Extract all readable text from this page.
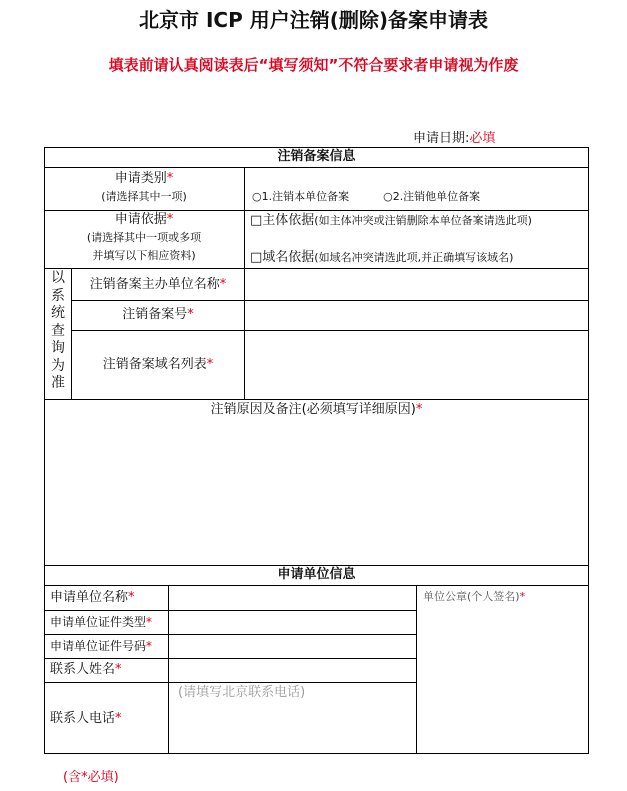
北京市 ICP 用户注销(删除)备案申请表
填表前请认真阅读表后“填写须知”不符合要求者申请视为作废
申请日期:必填
注销备案信息
申请类别*
(请选择其中一项)	○1.注销本单位备案	○2.注销他单位备案
申请依据*
(请选择其中一项或多项
并填写以下相应资料)
□主体依据(如主体冲突或注销删除本单位备案请选此项)
□域名依据(如域名冲突请选此项,并正确填写该域名)
以
系
统
查
询
为
准
注销备案主办单位名称*
注销备案号*
注销备案域名列表*
注销原因及备注(必须填写详细原因)*
申请单位信息
申请单位名称*
申请单位证件类型*
申请单位证件号码*
联系人姓名*
联系人电话*
(请填写北京联系电话)
单位公章(个人签名)*
(含*必填)
